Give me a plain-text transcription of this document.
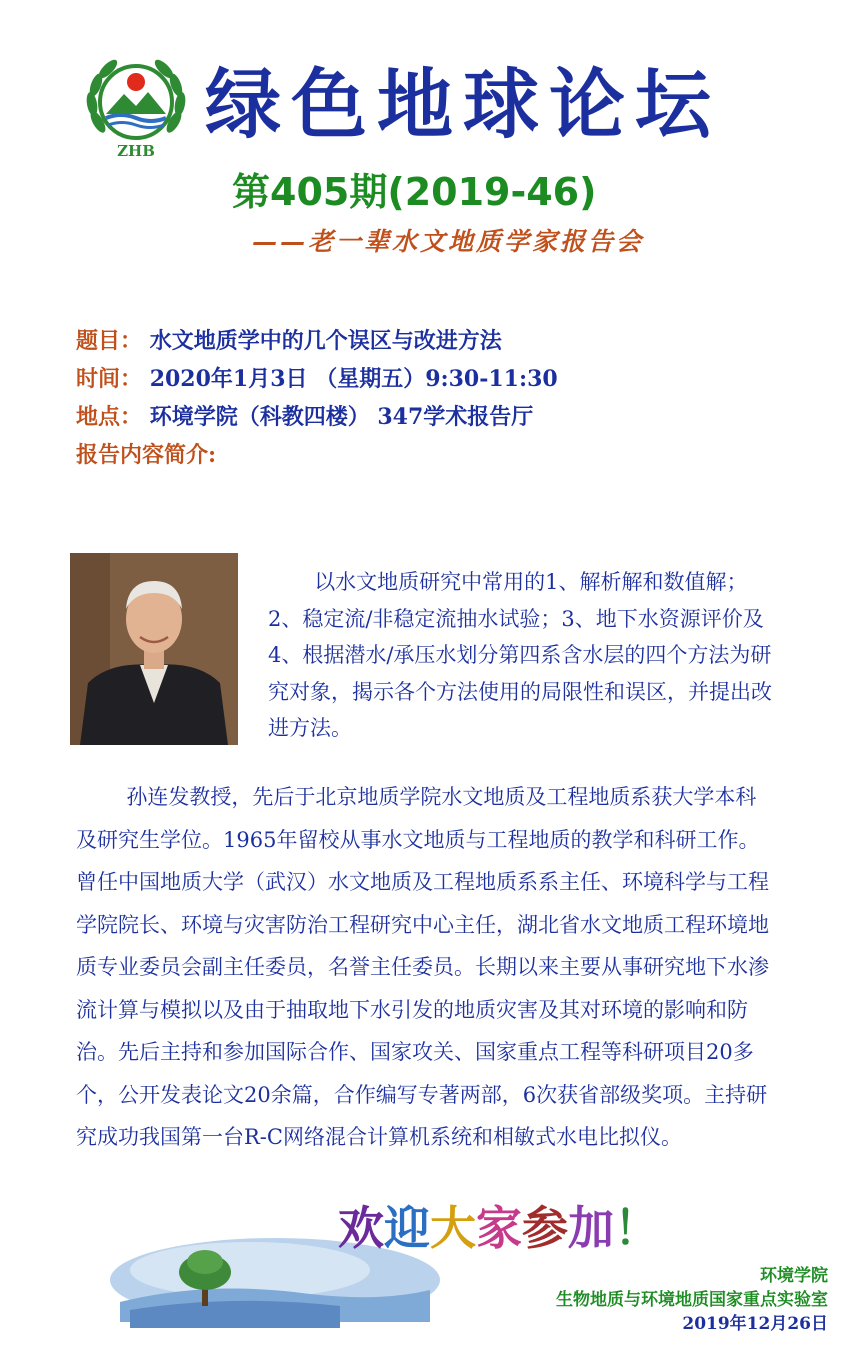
ZHB
绿色地球论坛
第405期(2019-46)
——老一辈水文地质学家报告会
题目： 水文地质学中的几个误区与改进方法
时间： 2020年1月3日 （星期五）9:30-11:30
地点： 环境学院（科教四楼） 347学术报告厅
报告内容简介:

以水文地质研究中常用的1、解析解和数值解；2、稳定流/非稳定流抽水试验；3、地下水资源评价及4、根据潜水/承压水划分第四系含水层的四个方法为研究对象，揭示各个方法使用的局限性和误区，并提出改进方法。

孙连发教授，先后于北京地质学院水文地质及工程地质系获大学本科及研究生学位。1965年留校从事水文地质与工程地质的教学和科研工作。曾任中国地质大学（武汉）水文地质及工程地质系系主任、环境科学与工程学院院长、环境与灾害防治工程研究中心主任，湖北省水文地质工程环境地质专业委员会副主任委员，名誉主任委员。长期以来主要从事研究地下水渗流计算与模拟以及由于抽取地下水引发的地质灾害及其对环境的影响和防治。先后主持和参加国际合作、国家攻关、国家重点工程等科研项目20多个，公开发表论文20余篇，合作编写专著两部，6次获省部级奖项。主持研究成功我国第一台R-C网络混合计算机系统和相敏式水电比拟仪。

欢迎大家参加！
环境学院
生物地质与环境地质国家重点实验室
2019年12月26日
